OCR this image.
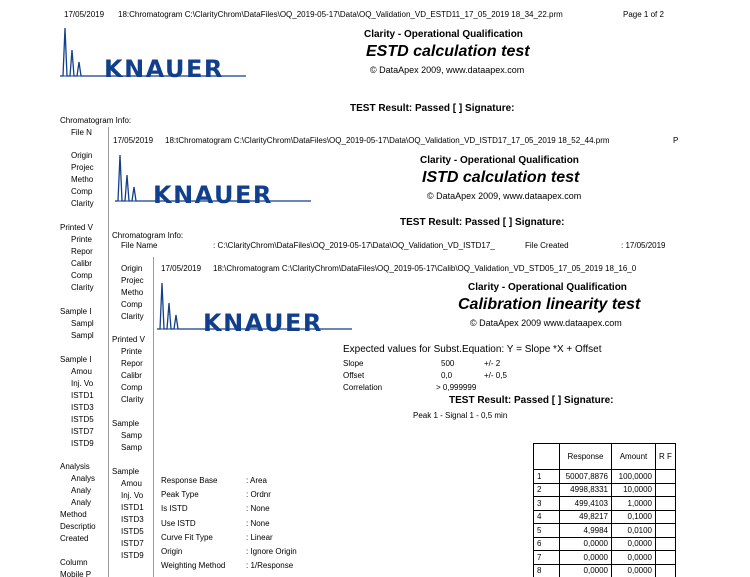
17/05/2019 18:Chromatogram C:\ClarityChrom\DataFiles\OQ_2019-05-17\Data\OQ_Validation_VD_ESTD11_17_05_2019 18_34_22.prm	Page 1 of 2
KNAUER
Clarity - Operational Qualification
ESTD calculation test
© DataApex 2009, www.dataapex.com
TEST Result: Passed [ ] Signature:
Chromatogram Info:
File N
Origin
Projec
Metho
Comp
Clarity
Printed V
Printe
Repor
Calibr
Comp
Clarity
Sample I
Sampl
Sampl
Sample I
Amou
Inj. Vo
ISTD1
ISTD3
ISTD5
ISTD7
ISTD9
Analysis
Analys
Analy
Analy
Method
Descriptio
Created
Column
Mobile P
17/05/2019 18:tChromatogram C:\ClarityChrom\DataFiles\OQ_2019-05-17\Data\OQ_Validation_VD_ISTD17_17_05_2019 18_52_44.prm	P
KNAUER
Clarity - Operational Qualification
ISTD calculation test
© DataApex 2009, www.dataapex.com
TEST Result: Passed [ ] Signature:
Chromatogram Info:
File Name	: C:\ClarityChrom\DataFiles\OQ_2019-05-17\Data\OQ_Validation_VD_ISTD17_	File Created	: 17/05/2019
Origin
Projec
Metho
Comp
Clarity
Printed V
Printe
Repor
Calibr
Comp
Clarity
Sample
Samp
Samp
Sample
Amou
Inj. Vo
ISTD1
ISTD3
ISTD5
ISTD7
ISTD9
17/05/2019 18:\Chromatogram C:\ClarityChrom\DataFiles\OQ_2019-05-17\Calib\OQ_Validation_VD_STD05_17_05_2019 18_16_0
KNAUER
Clarity - Operational Qualification
Calibration linearity test
© DataApex 2009 www.dataapex.com
Expected values for Subst.Equation: Y = Slope *X + Offset
Slope	500	+/- 2
Offset	0,0	+/- 0,5
Correlation	> 0,999999
TEST Result: Passed [ ] Signature:
Peak 1 - Signal 1 - 0,5 min
Response Base	: Area
Peak Type	: Ordnr
Is ISTD	: None
Use ISTD	: None
Curve Fit Type	: Linear
Origin	: Ignore Origin
Weighting Method	: 1/Response
	Response	Amount	R F
1	50007,8876	100,0000	
2	4998,8331	10,0000	
3	499,4103	1,0000	
4	49,8217	0,1000	
5	4,9984	0,0100	
6	0,0000	0,0000	
7	0,0000	0,0000	
8	0,0000	0,0000	
